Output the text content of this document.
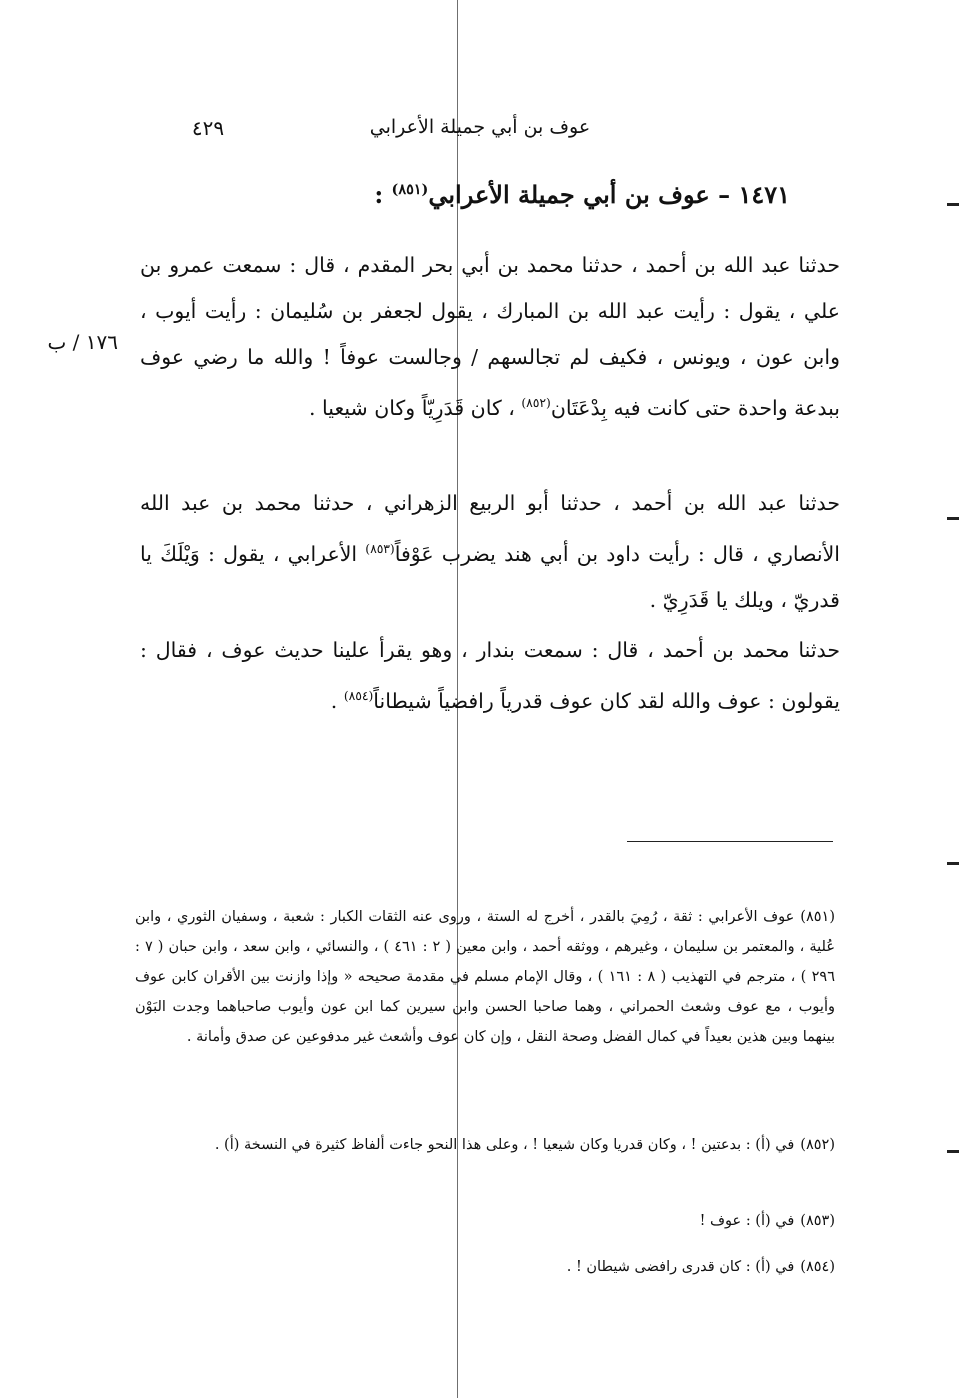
عوف بن أبي جميلة الأعرابي
٤٢٩
١٤٧١ – عوف بن أبي جميلة الأعرابي$^{(٨٥١)}$ :
١٧٦ / ب

حدثنا عبد الله بن أحمد ، حدثنا محمد بن أبي بحر المقدم ، قال : سمعت عمرو بن علي ، يقول : رأيت عبد الله بن المبارك ، يقول لجعفر بن سُليمان : رأيت أيوب ، وابن عون ، ويونس ، فكيف لم تجالسهم / وجالست عوفاً ! والله ما رضي عوف ببدعة واحدة حتى كانت فيه بِدْعَتَان$^{(٨٥٢)}$ ، كان قَدَرِيّاً وكان شيعيا .

حدثنا عبد الله بن أحمد ، حدثنا أبو الربيع الزهراني ، حدثنا محمد بن عبد الله الأنصاري ، قال : رأيت داود بن أبي هند يضرب عَوْفاً$^{(٨٥٣)}$ الأعرابي ، يقول : وَيْلَكَ يا قدريّ ، ويلك يا قَدَرِيّ .

حدثنا محمد بن أحمد ، قال : سمعت بندار ، وهو يقرأ علينا حديث عوف ، فقال : يقولون : عوف والله لقد كان عوف قدرياً رافضياً شيطاناً$^{(٨٥٤)}$ .

(٨٥١)عوف الأعرابي : ثقة ، رُمِيَ بالقدر ، أخرج له الستة ، وروى عنه الثقات الكبار : شعبة ، وسفيان الثوري ، وابن عُلية ، والمعتمر بن سليمان ، وغيرهم ، ووثقه أحمد ، وابن معين ( ٢ : ٤٦١ ) ، والنسائي ، وابن سعد ، وابن حبان ( ٧ : ٢٩٦ ) ، مترجم في التهذيب ( ٨ : ١٦١ ) ، وقال الإمام مسلم في مقدمة صحيحه « وإذا وازنت بين الأقران كابن عوف وأيوب ، مع عوف وشعث الحمراني ، وهما صاحبا الحسن وابن سيرين كما ابن عون وأيوب صاحباهما وجدت البَوْن بينهما وبين هذين بعيداً في كمال الفضل وصحة النقل ، وإن كان عوف وأشعث غير مدفوعين عن صدق وأمانة .

(٨٥٢)في (أ) : بدعتين ! ، وكان قدريا وكان شيعيا ! ، وعلى هذا النحو جاءت ألفاظ كثيرة في النسخة (أ) .

(٨٥٣)في (أ) : عوف !

(٨٥٤)في (أ) : كان قدرى رافضى شيطان ! .
